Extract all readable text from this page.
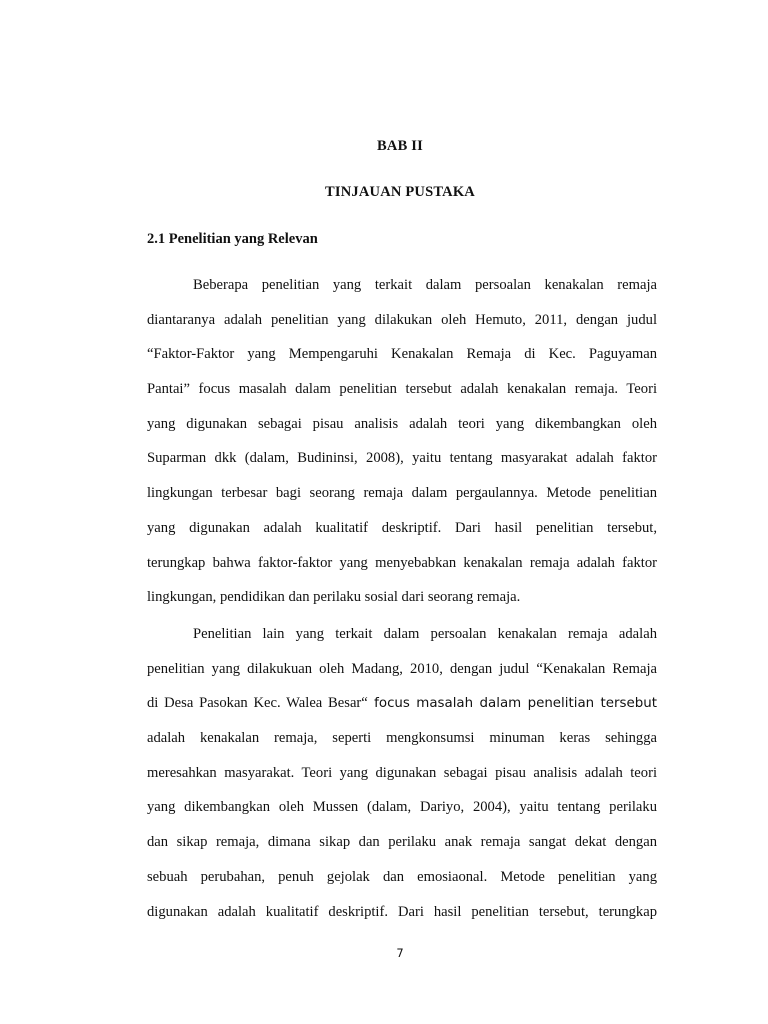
BAB II
TINJAUAN PUSTAKA
2.1 Penelitian yang Relevan
Beberapa penelitian yang terkait dalam persoalan kenakalan remaja
diantaranya adalah penelitian yang dilakukan oleh Hemuto, 2011, dengan judul
“Faktor-Faktor yang Mempengaruhi Kenakalan Remaja di Kec. Paguyaman
Pantai” focus masalah dalam penelitian tersebut adalah kenakalan remaja. Teori
yang digunakan sebagai pisau analisis adalah teori yang dikembangkan oleh
Suparman dkk (dalam, Budininsi, 2008), yaitu tentang masyarakat adalah faktor
lingkungan terbesar bagi seorang remaja dalam pergaulannya. Metode penelitian
yang digunakan adalah kualitatif deskriptif. Dari hasil penelitian tersebut,
terungkap bahwa faktor-faktor yang menyebabkan kenakalan remaja adalah faktor
lingkungan, pendidikan dan perilaku sosial dari seorang remaja.
Penelitian lain yang terkait dalam persoalan kenakalan remaja adalah
penelitian yang dilakukuan oleh Madang, 2010, dengan judul “Kenakalan Remaja
di Desa Pasokan Kec. Walea Besar“ focus masalah dalam penelitian tersebut
adalah kenakalan remaja, seperti mengkonsumsi minuman keras sehingga
meresahkan masyarakat. Teori yang digunakan sebagai pisau analisis adalah teori
yang dikembangkan oleh Mussen (dalam, Dariyo, 2004), yaitu tentang perilaku
dan sikap remaja, dimana sikap dan perilaku anak remaja sangat dekat dengan
sebuah perubahan, penuh gejolak dan emosiaonal. Metode penelitian yang
digunakan adalah kualitatif deskriptif. Dari hasil penelitian tersebut, terungkap
7
